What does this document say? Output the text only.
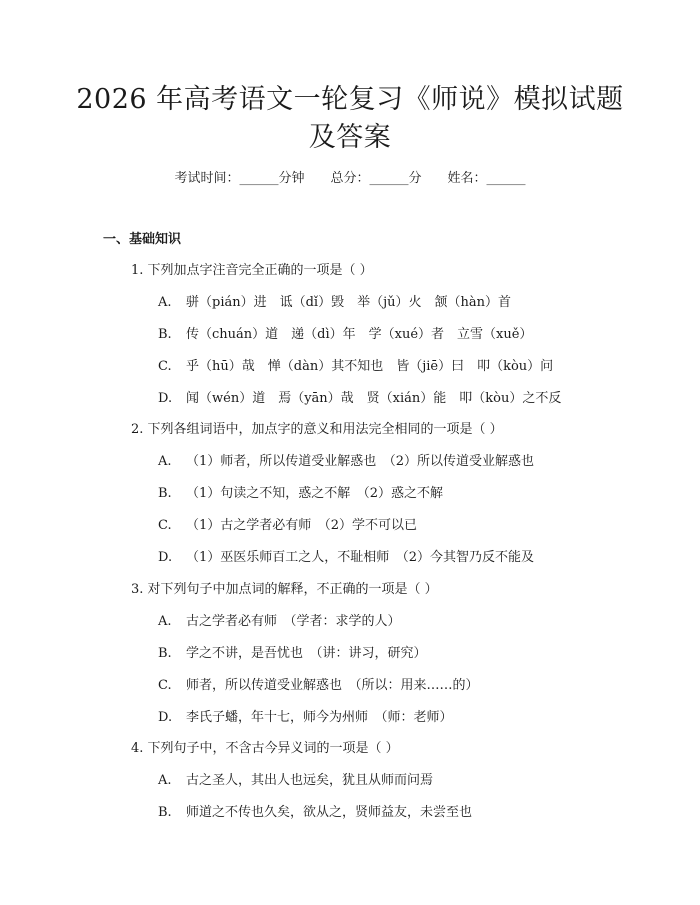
2026 年高考语文一轮复习《师说》模拟试题
及答案
考试时间：______分钟 总分：______分 姓名：______
一、基础知识
1. 下列加点字注音完全正确的一项是（ ）
A. 骈（pián）进　诋（dǐ）毁　举（jǔ）火　颔（hàn）首
B. 传（chuán）道　递（dì）年　学（xué）者　立雪（xuě）
C. 乎（hū）哉　惮（dàn）其不知也　皆（jiē）曰　叩（kòu）问
D. 闻（wén）道　焉（yān）哉　贤（xián）能　叩（kòu）之不反
2. 下列各组词语中，加点字的意义和用法完全相同的一项是（ ）
A. （1）师者，所以传道受业解惑也　（2）所以传道受业解惑也
B. （1）句读之不知，惑之不解　（2）惑之不解
C. （1）古之学者必有师　（2）学不可以已
D. （1）巫医乐师百工之人，不耻相师　（2）今其智乃反不能及
3. 对下列句子中加点词的解释，不正确的一项是（ ）
A. 古之学者必有师　（学者：求学的人）
B. 学之不讲，是吾忧也　（讲：讲习，研究）
C. 师者，所以传道受业解惑也　（所以：用来……的）
D. 李氏子蟠，年十七，师今为州师　（师：老师）
4. 下列句子中，不含古今异义词的一项是（ ）
A. 古之圣人，其出人也远矣，犹且从师而问焉
B. 师道之不传也久矣，欲从之，贤师益友，未尝至也
